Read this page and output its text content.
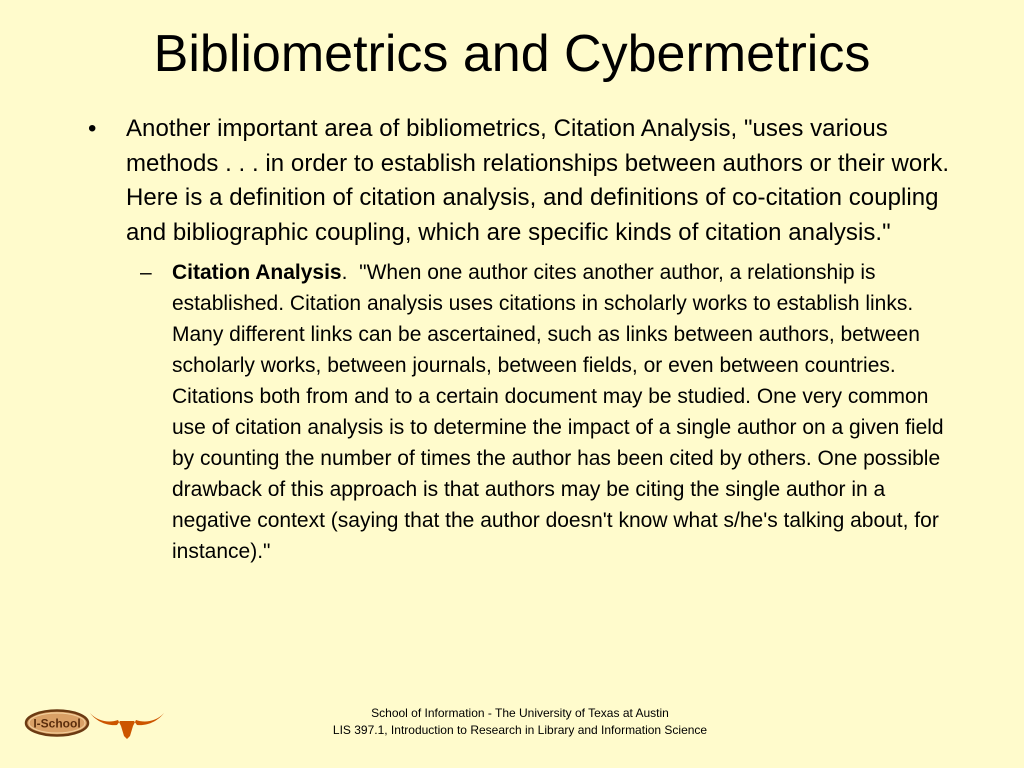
Bibliometrics and Cybermetrics
• Another important area of bibliometrics, Citation Analysis, "uses various methods . . . in order to establish relationships between authors or their work. Here is a definition of citation analysis, and definitions of co-citation coupling and bibliographic coupling, which are specific kinds of citation analysis."
– Citation Analysis.  "When one author cites another author, a relationship is established. Citation analysis uses citations in scholarly works to establish links. Many different links can be ascertained, such as links between authors, between scholarly works, between journals, between fields, or even between countries. Citations both from and to a certain document may be studied. One very common use of citation analysis is to determine the impact of a single author on a given field by counting the number of times the author has been cited by others. One possible drawback of this approach is that authors may be citing the single author in a negative context (saying that the author doesn't know what s/he's talking about, for instance)."
I-School
School of Information - The University of Texas at Austin
LIS 397.1, Introduction to Research in Library and Information Science
